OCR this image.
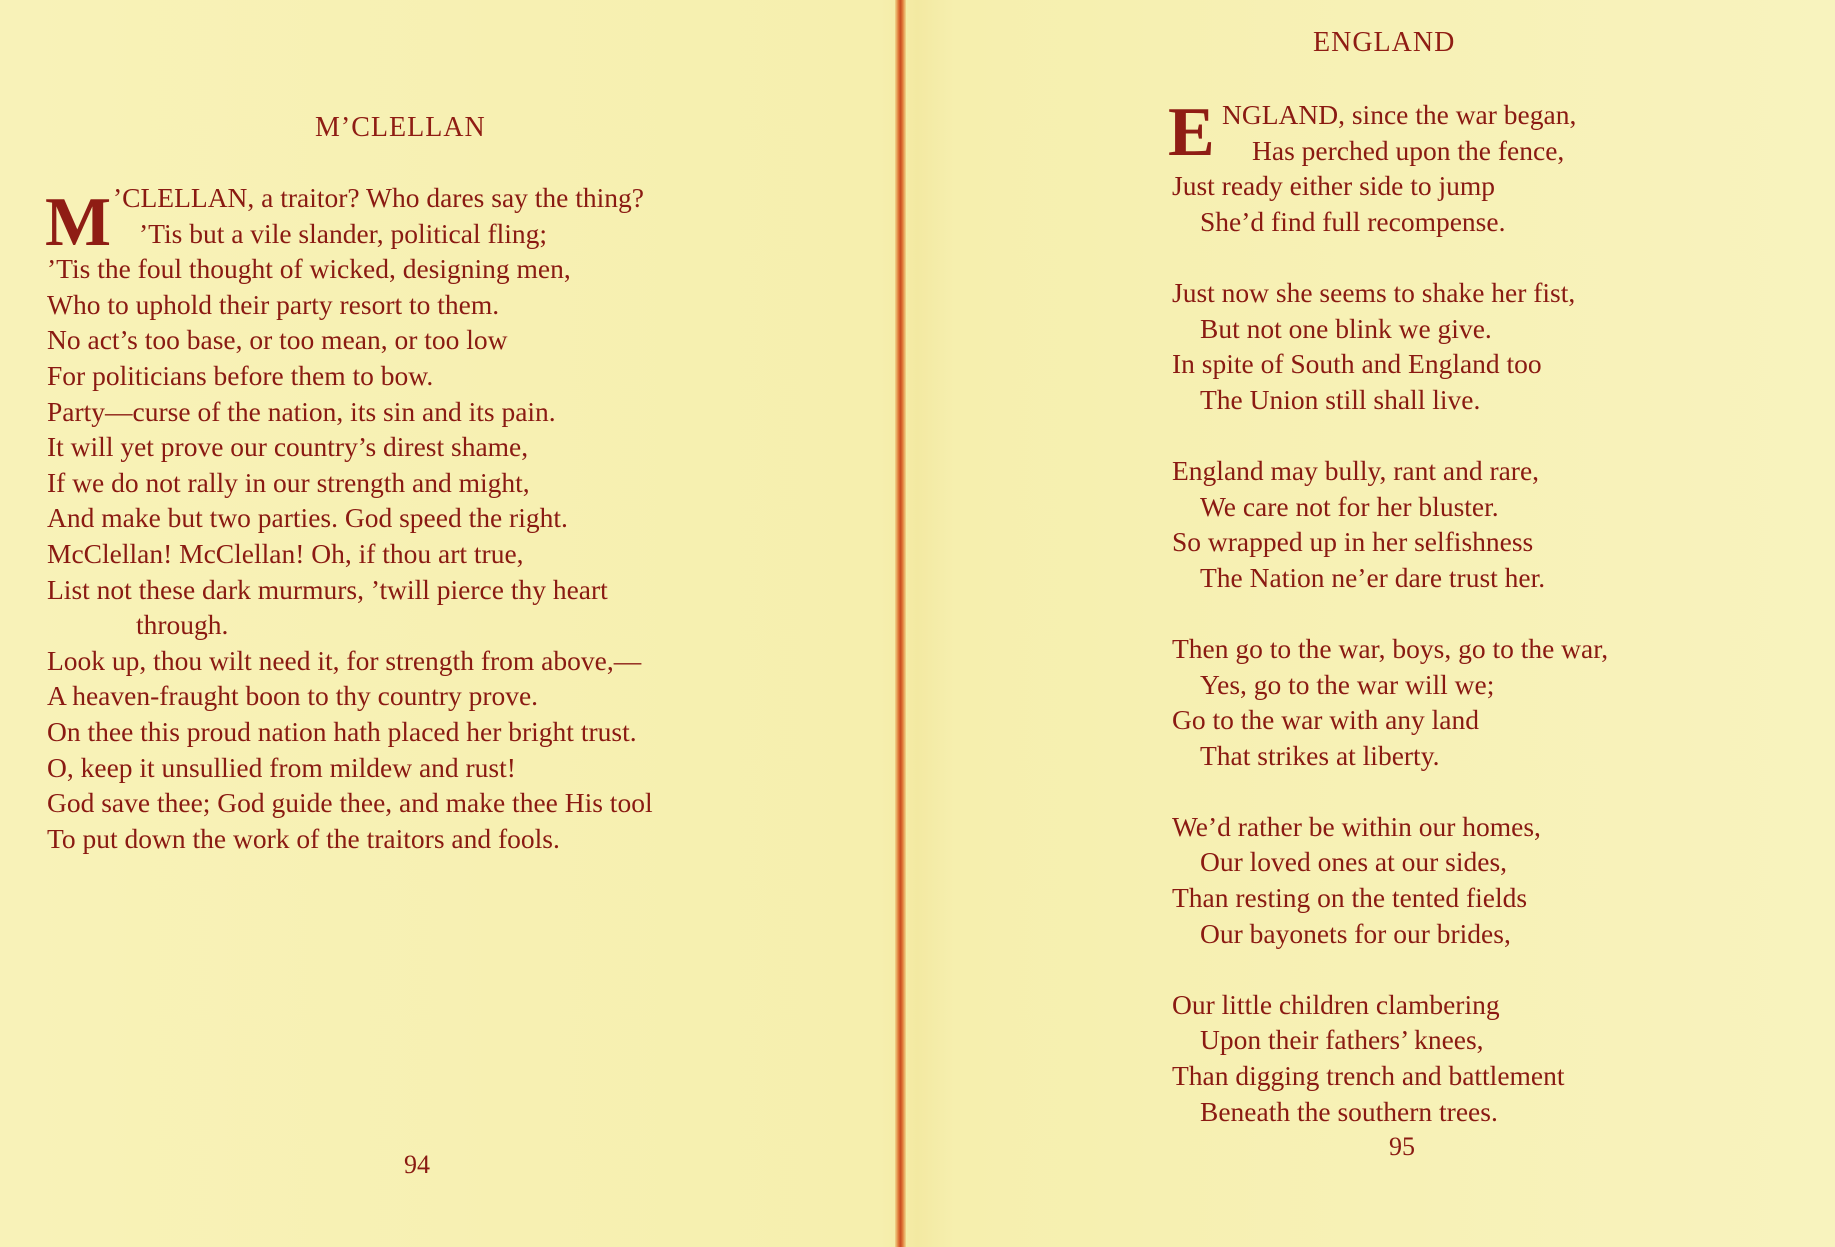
M’CLELLAN
M ’CLELLAN, a traitor? Who dares say the thing?
’Tis but a vile slander, political fling;
’Tis the foul thought of wicked, designing men,
Who to uphold their party resort to them.
No act’s too base, or too mean, or too low
For politicians before them to bow.
Party—curse of the nation, its sin and its pain.
It will yet prove our country’s direst shame,
If we do not rally in our strength and might,
And make but two parties. God speed the right.
McClellan! McClellan! Oh, if thou art true,
List not these dark murmurs, ’twill pierce thy heart
through.
Look up, thou wilt need it, for strength from above,—
A heaven-fraught boon to thy country prove.
On thee this proud nation hath placed her bright trust.
O, keep it unsullied from mildew and rust!
God save thee; God guide thee, and make thee His tool
To put down the work of the traitors and fools.
94
ENGLAND
E NGLAND, since the war began,
Has perched upon the fence,
Just ready either side to jump
She’d find full recompense.
Just now she seems to shake her fist,
But not one blink we give.
In spite of South and England too
The Union still shall live.
England may bully, rant and rare,
We care not for her bluster.
So wrapped up in her selfishness
The Nation ne’er dare trust her.
Then go to the war, boys, go to the war,
Yes, go to the war will we;
Go to the war with any land
That strikes at liberty.
We’d rather be within our homes,
Our loved ones at our sides,
Than resting on the tented fields
Our bayonets for our brides,
Our little children clambering
Upon their fathers’ knees,
Than digging trench and battlement
Beneath the southern trees.
95
